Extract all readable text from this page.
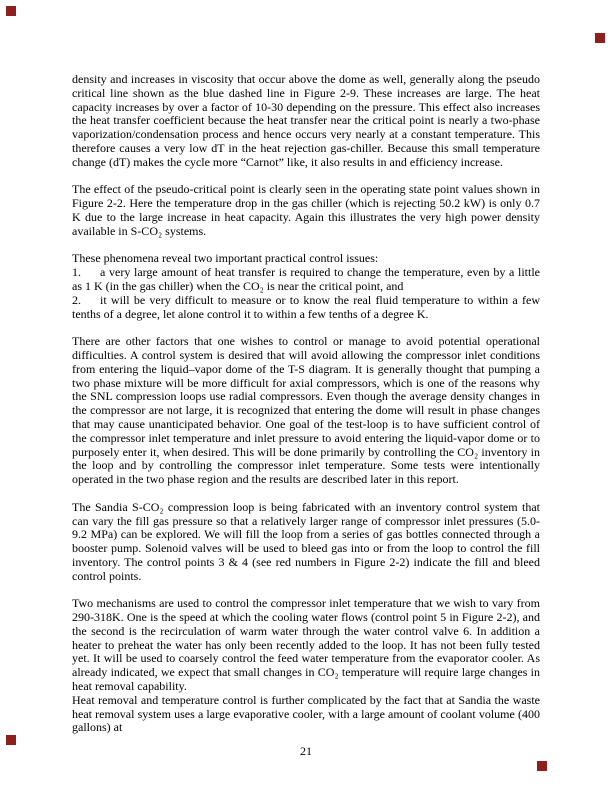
density and increases in viscosity that occur above the dome as well, generally along the pseudo critical line shown as the blue dashed line in Figure 2-9. These increases are large. The heat capacity increases by over a factor of 10-30 depending on the pressure. This effect also increases the heat transfer coefficient because the heat transfer near the critical point is nearly a two-phase vaporization/condensation process and hence occurs very nearly at a constant temperature. This therefore causes a very low dT in the heat rejection gas-chiller. Because this small temperature change (dT) makes the cycle more “Carnot” like, it also results in and efficiency increase.

The effect of the pseudo-critical point is clearly seen in the operating state point values shown in Figure 2-2. Here the temperature drop in the gas chiller (which is rejecting 50.2 kW) is only 0.7 K due to the large increase in heat capacity. Again this illustrates the very high power density available in S-CO₂ systems.

These phenomena reveal two important practical control issues:

1. a very large amount of heat transfer is required to change the temperature, even by a little as 1 K (in the gas chiller) when the CO₂ is near the critical point, and

2. it will be very difficult to measure or to know the real fluid temperature to within a few tenths of a degree, let alone control it to within a few tenths of a degree K.

There are other factors that one wishes to control or manage to avoid potential operational difficulties. A control system is desired that will avoid allowing the compressor inlet conditions from entering the liquid–vapor dome of the T-S diagram. It is generally thought that pumping a two phase mixture will be more difficult for axial compressors, which is one of the reasons why the SNL compression loops use radial compressors. Even though the average density changes in the compressor are not large, it is recognized that entering the dome will result in phase changes that may cause unanticipated behavior. One goal of the test-loop is to have sufficient control of the compressor inlet temperature and inlet pressure to avoid entering the liquid-vapor dome or to purposely enter it, when desired. This will be done primarily by controlling the CO₂ inventory in the loop and by controlling the compressor inlet temperature. Some tests were intentionally operated in the two phase region and the results are described later in this report.

The Sandia S-CO₂ compression loop is being fabricated with an inventory control system that can vary the fill gas pressure so that a relatively larger range of compressor inlet pressures (5.0-9.2 MPa) can be explored. We will fill the loop from a series of gas bottles connected through a booster pump. Solenoid valves will be used to bleed gas into or from the loop to control the fill inventory. The control points 3 & 4 (see red numbers in Figure 2-2) indicate the fill and bleed control points.

Two mechanisms are used to control the compressor inlet temperature that we wish to vary from 290-318K. One is the speed at which the cooling water flows (control point 5 in Figure 2-2), and the second is the recirculation of warm water through the water control valve 6. In addition a heater to preheat the water has only been recently added to the loop. It has not been fully tested yet. It will be used to coarsely control the feed water temperature from the evaporator cooler. As already indicated, we expect that small changes in CO₂ temperature will require large changes in heat removal capability.

Heat removal and temperature control is further complicated by the fact that at Sandia the waste heat removal system uses a large evaporative cooler, with a large amount of coolant volume (400 gallons) at

21
